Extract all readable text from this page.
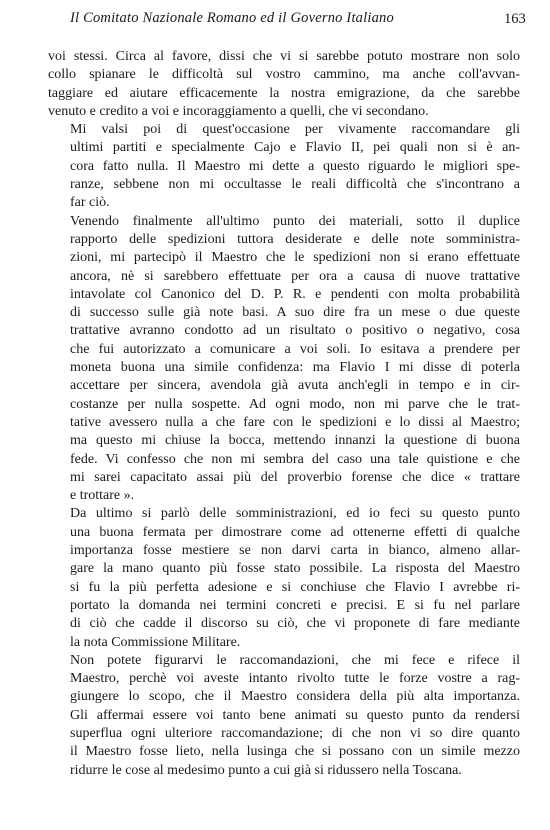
Il Comitato Nazionale Romano ed il Governo Italiano	163

voi stessi. Circa al favore, dissi che vi si sarebbe potuto mostrare non solo
collo spianare le difficoltà sul vostro cammino, ma anche coll'avvan-
taggiare ed aiutare efficacemente la nostra emigrazione, da che sarebbe
venuto e credito a voi e incoraggiamento a quelli, che vi secondano.

Mi valsi poi di quest'occasione per vivamente raccomandare gli
ultimi partiti e specialmente Cajo e Flavio II, pei quali non si è an-
cora fatto nulla. Il Maestro mi dette a questo riguardo le migliori spe-
ranze, sebbene non mi occultasse le reali difficoltà che s'incontrano a
far ciò.

Venendo finalmente all'ultimo punto dei materiali, sotto il duplice
rapporto delle spedizioni tuttora desiderate e delle note somministra-
zioni, mi partecipò il Maestro che le spedizioni non si erano effettuate
ancora, nè si sarebbero effettuate per ora a causa di nuove trattative
intavolate col Canonico del D. P. R. e pendenti con molta probabilità
di successo sulle già note basi. A suo dire fra un mese o due queste
trattative avranno condotto ad un risultato o positivo o negativo, cosa
che fui autorizzato a comunicare a voi soli. Io esitava a prendere per
moneta buona una simile confidenza: ma Flavio I mi disse di poterla
accettare per sincera, avendola già avuta anch'egli in tempo e in cir-
costanze per nulla sospette. Ad ogni modo, non mi parve che le trat-
tative avessero nulla a che fare con le spedizioni e lo dissi al Maestro;
ma questo mi chiuse la bocca, mettendo innanzi la questione di buona
fede. Vi confesso che non mi sembra del caso una tale quistione e che
mi sarei capacitato assai più del proverbio forense che dice « trattare
e trottare ».

Da ultimo si parlò delle somministrazioni, ed io feci su questo punto
una buona fermata per dimostrare come ad ottenerne effetti di qualche
importanza fosse mestiere se non darvi carta in bianco, almeno allar-
gare la mano quanto più fosse stato possibile. La risposta del Maestro
si fu la più perfetta adesione e si conchiuse che Flavio I avrebbe ri-
portato la domanda nei termini concreti e precisi. E si fu nel parlare
di ciò che cadde il discorso su ciò, che vi proponete di fare mediante
la nota Commissione Militare.

Non potete figurarvi le raccomandazioni, che mi fece e rifece il
Maestro, perchè voi aveste intanto rivolto tutte le forze vostre a rag-
giungere lo scopo, che il Maestro considera della più alta importanza.
Gli affermai essere voi tanto bene animati su questo punto da rendersi
superflua ogni ulteriore raccomandazione; di che non vi so dire quanto
il Maestro fosse lieto, nella lusinga che si possano con un simile mezzo
ridurre le cose al medesimo punto a cui già si ridussero nella Toscana.
